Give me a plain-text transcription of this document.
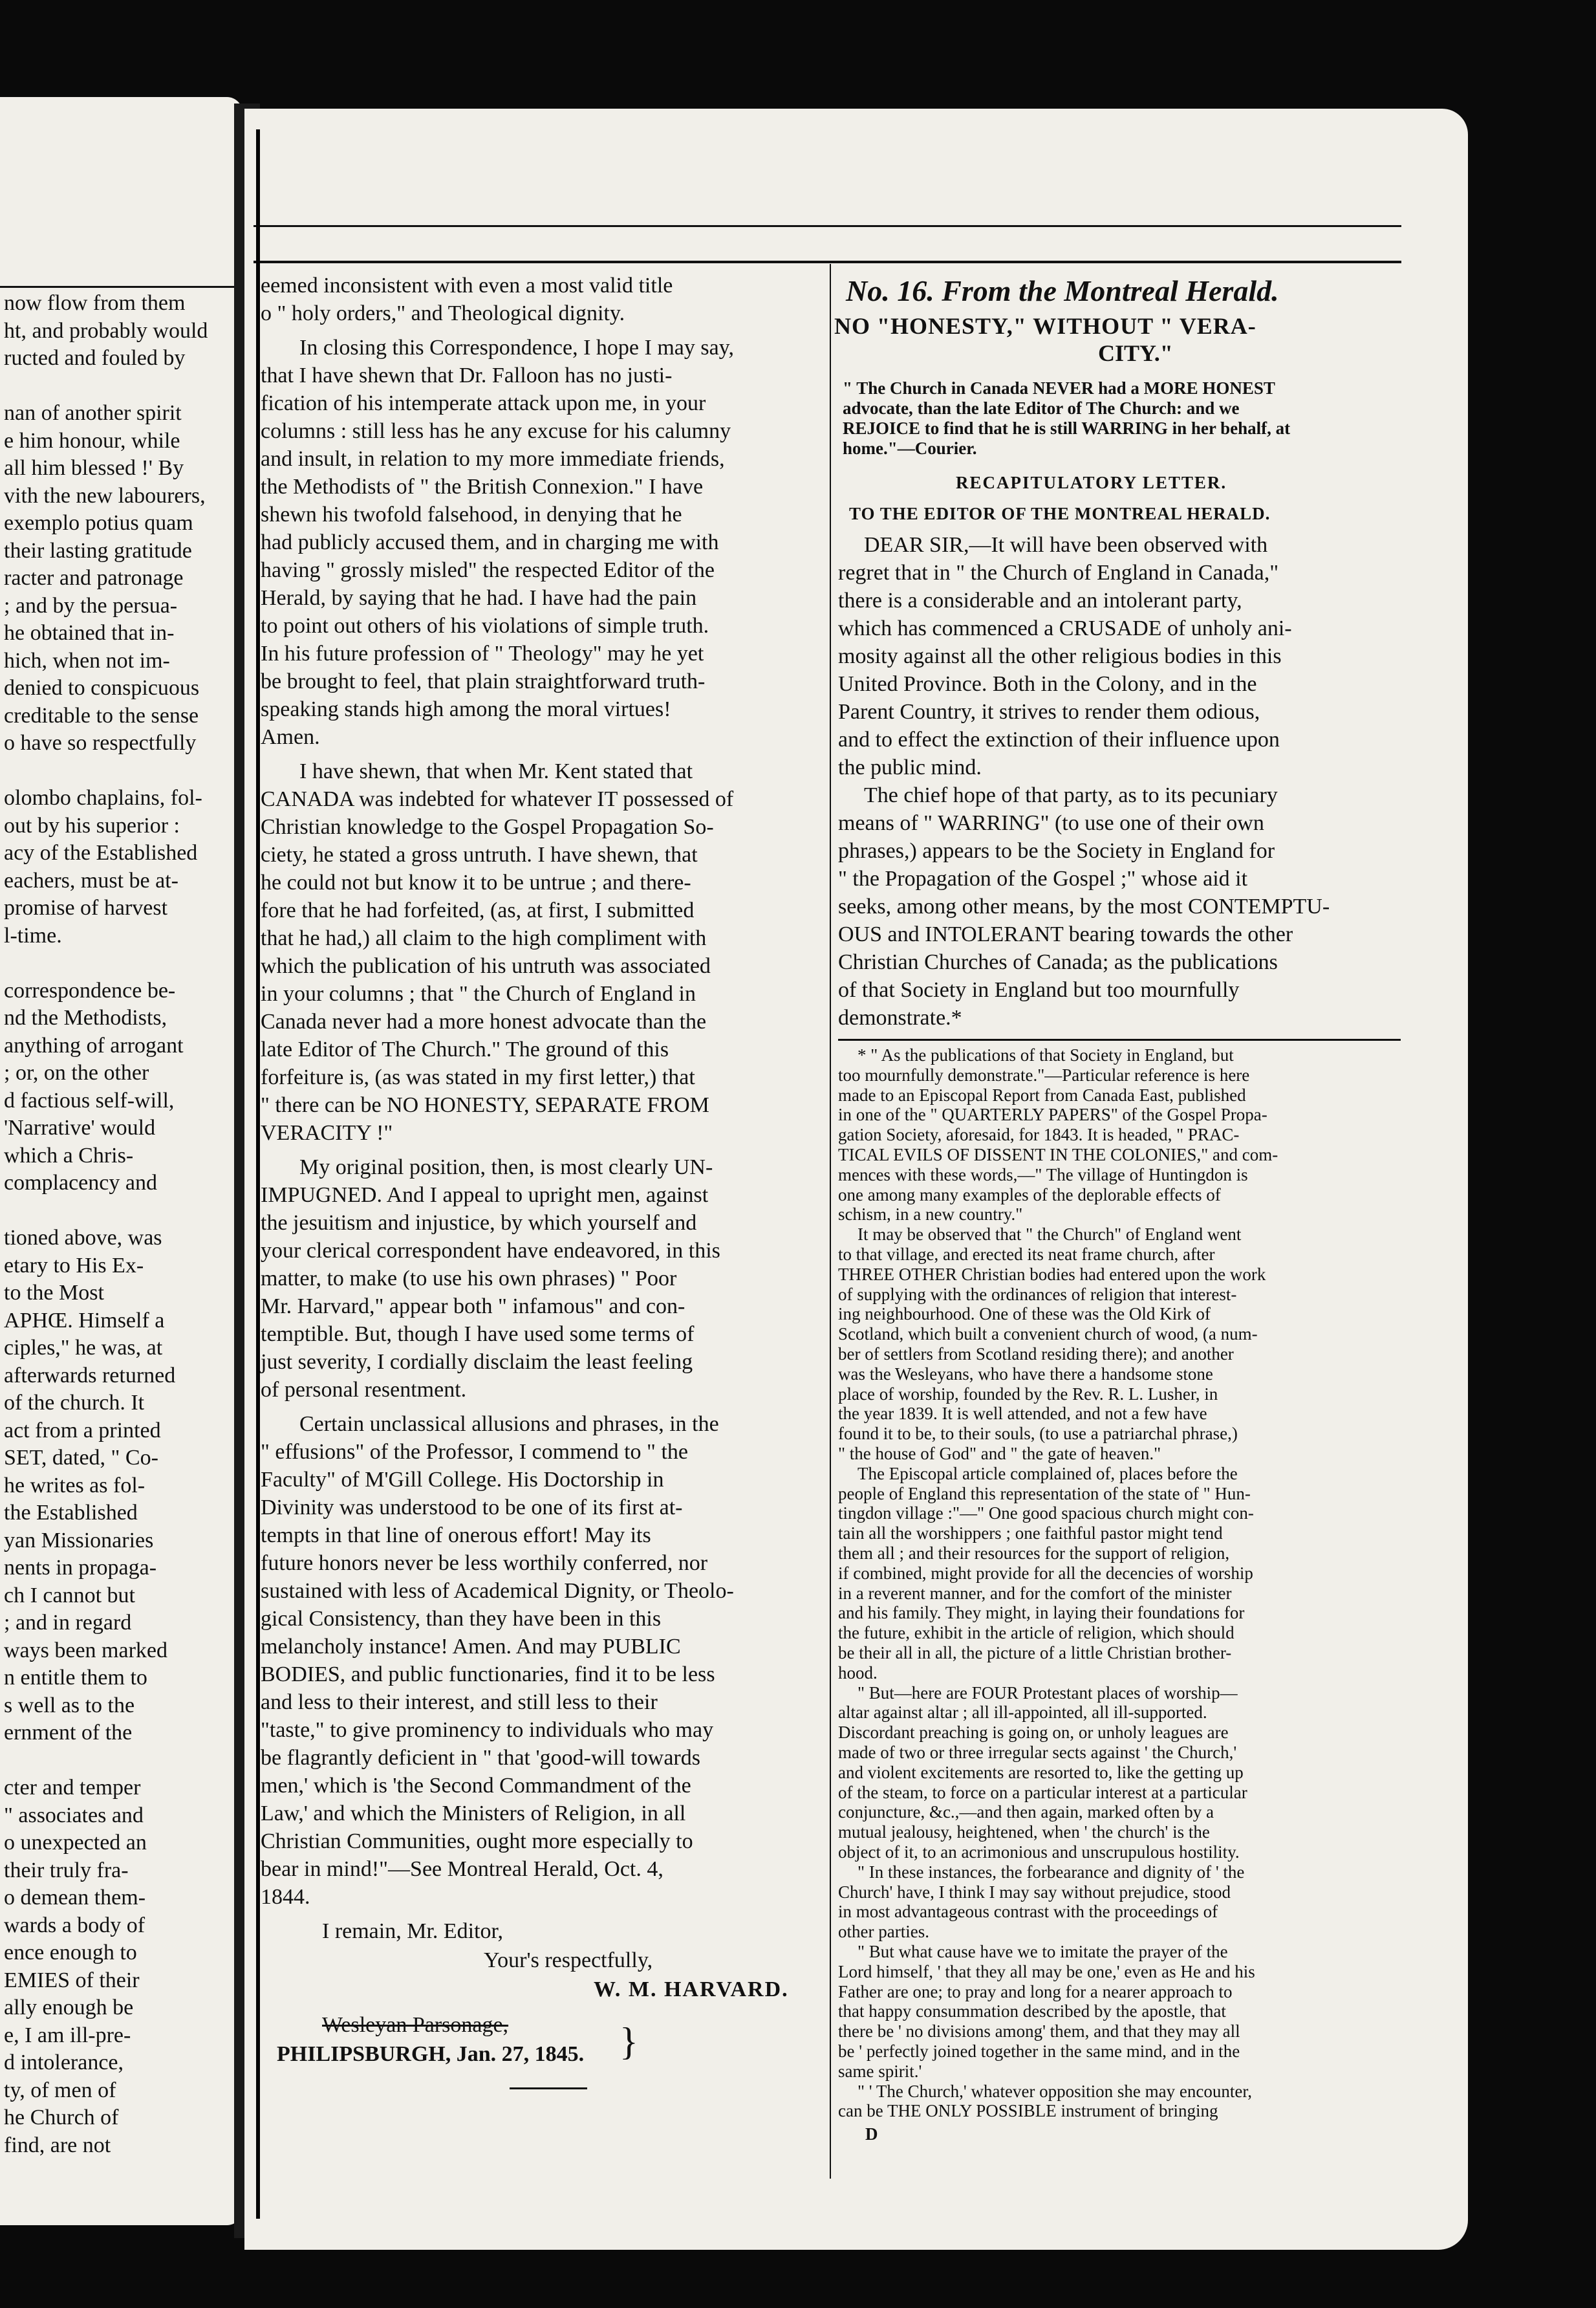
now flow from them
ht, and probably would
ructed and fouled by
nan of another spirit
e him honour, while
all him blessed !' By
vith the new labourers,
exemplo potius quam
their lasting gratitude
racter and patronage
; and by the persua-
he obtained that in-
hich, when not im-
denied to conspicuous
creditable to the sense
o have so respectfully
olombo chaplains, fol-
out by his superior :
acy of the Established
eachers, must be at-
promise of harvest
l-time.
correspondence be-
nd the Methodists,
anything of arrogant
; or, on the other
d factious self-will,
'Narrative' would
which a Chris-
complacency and
tioned above, was
etary to His Ex-
to the Most
APHŒ. Himself a
ciples," he was, at
afterwards returned
of the church. It
act from a printed
SET, dated, " Co-
he writes as fol-
the Established
yan Missionaries
nents in propaga-
ch I cannot but
; and in regard
ways been marked
n entitle them to
s well as to the
ernment of the
cter and temper
" associates and
o unexpected an
their truly fra-
o demean them-
wards a body of
ence enough to
EMIES of their
ally enough be
e, I am ill-pre-
d intolerance,
ty, of men of
he Church of
find, are not
eemed inconsistent with even a most valid title
o " holy orders," and Theological dignity.
In closing this Correspondence, I hope I may say,
that I have shewn that Dr. Falloon has no justi-
fication of his intemperate attack upon me, in your
columns : still less has he any excuse for his calumny
and insult, in relation to my more immediate friends,
the Methodists of " the British Connexion." I have
shewn his twofold falsehood, in denying that he
had publicly accused them, and in charging me with
having " grossly misled" the respected Editor of the
Herald, by saying that he had. I have had the pain
to point out others of his violations of simple truth.
In his future profession of " Theology" may he yet
be brought to feel, that plain straightforward truth-
speaking stands high among the moral virtues!
Amen.
I have shewn, that when Mr. Kent stated that
CANADA was indebted for whatever IT possessed of
Christian knowledge to the Gospel Propagation So-
ciety, he stated a gross untruth. I have shewn, that
he could not but know it to be untrue ; and there-
fore that he had forfeited, (as, at first, I submitted
that he had,) all claim to the high compliment with
which the publication of his untruth was associated
in your columns ; that " the Church of England in
Canada never had a more honest advocate than the
late Editor of The Church." The ground of this
forfeiture is, (as was stated in my first letter,) that
" there can be NO HONESTY, SEPARATE FROM
VERACITY !"
My original position, then, is most clearly UN-
IMPUGNED. And I appeal to upright men, against
the jesuitism and injustice, by which yourself and
your clerical correspondent have endeavored, in this
matter, to make (to use his own phrases) " Poor
Mr. Harvard," appear both " infamous" and con-
temptible. But, though I have used some terms of
just severity, I cordially disclaim the least feeling
of personal resentment.
Certain unclassical allusions and phrases, in the
" effusions" of the Professor, I commend to " the
Faculty" of M'Gill College. His Doctorship in
Divinity was understood to be one of its first at-
tempts in that line of onerous effort! May its
future honors never be less worthily conferred, nor
sustained with less of Academical Dignity, or Theolo-
gical Consistency, than they have been in this
melancholy instance! Amen. And may PUBLIC
BODIES, and public functionaries, find it to be less
and less to their interest, and still less to their
"taste," to give prominency to individuals who may
be flagrantly deficient in " that 'good-will towards
men,' which is 'the Second Commandment of the
Law,' and which the Ministers of Religion, in all
Christian Communities, ought more especially to
bear in mind!"—See Montreal Herald, Oct. 4,
1844.
I remain, Mr. Editor,
Your's respectfully,
W. M. HARVARD.
Wesleyan Parsonage,	}
PHILIPSBURGH, Jan. 27, 1845.
No. 16. From the Montreal Herald.
NO "HONESTY," WITHOUT " VERA-
CITY."
" The Church in Canada NEVER had a MORE HONEST
advocate, than the late Editor of The Church: and we
REJOICE to find that he is still WARRING in her behalf, at
home."—Courier.
RECAPITULATORY LETTER.
TO THE EDITOR OF THE MONTREAL HERALD.
DEAR SIR,—It will have been observed with
regret that in " the Church of England in Canada,"
there is a considerable and an intolerant party,
which has commenced a CRUSADE of unholy ani-
mosity against all the other religious bodies in this
United Province. Both in the Colony, and in the
Parent Country, it strives to render them odious,
and to effect the extinction of their influence upon
the public mind.
The chief hope of that party, as to its pecuniary
means of " WARRING" (to use one of their own
phrases,) appears to be the Society in England for
" the Propagation of the Gospel ;" whose aid it
seeks, among other means, by the most CONTEMPTU-
OUS and INTOLERANT bearing towards the other
Christian Churches of Canada; as the publications
of that Society in England but too mournfully
demonstrate.*
* " As the publications of that Society in England, but
too mournfully demonstrate."—Particular reference is here
made to an Episcopal Report from Canada East, published
in one of the " QUARTERLY PAPERS" of the Gospel Propa-
gation Society, aforesaid, for 1843. It is headed, " PRAC-
TICAL EVILS OF DISSENT IN THE COLONIES," and com-
mences with these words,—" The village of Huntingdon is
one among many examples of the deplorable effects of
schism, in a new country."
It may be observed that " the Church" of England went
to that village, and erected its neat frame church, after
THREE OTHER Christian bodies had entered upon the work
of supplying with the ordinances of religion that interest-
ing neighbourhood. One of these was the Old Kirk of
Scotland, which built a convenient church of wood, (a num-
ber of settlers from Scotland residing there); and another
was the Wesleyans, who have there a handsome stone
place of worship, founded by the Rev. R. L. Lusher, in
the year 1839. It is well attended, and not a few have
found it to be, to their souls, (to use a patriarchal phrase,)
" the house of God" and " the gate of heaven."
The Episcopal article complained of, places before the
people of England this representation of the state of " Hun-
tingdon village :"—" One good spacious church might con-
tain all the worshippers ; one faithful pastor might tend
them all ; and their resources for the support of religion,
if combined, might provide for all the decencies of worship
in a reverent manner, and for the comfort of the minister
and his family. They might, in laying their foundations for
the future, exhibit in the article of religion, which should
be their all in all, the picture of a little Christian brother-
hood.
" But—here are FOUR Protestant places of worship—
altar against altar ; all ill-appointed, all ill-supported.
Discordant preaching is going on, or unholy leagues are
made of two or three irregular sects against ' the Church,'
and violent excitements are resorted to, like the getting up
of the steam, to force on a particular interest at a particular
conjuncture, &c.,—and then again, marked often by a
mutual jealousy, heightened, when ' the church' is the
object of it, to an acrimonious and unscrupulous hostility.
" In these instances, the forbearance and dignity of ' the
Church' have, I think I may say without prejudice, stood
in most advantageous contrast with the proceedings of
other parties.
" But what cause have we to imitate the prayer of the
Lord himself, ' that they all may be one,' even as He and his
Father are one; to pray and long for a nearer approach to
that happy consummation described by the apostle, that
there be ' no divisions among' them, and that they may all
be ' perfectly joined together in the same mind, and in the
same spirit.'
" ' The Church,' whatever opposition she may encounter,
can be THE ONLY POSSIBLE instrument of bringing
D
